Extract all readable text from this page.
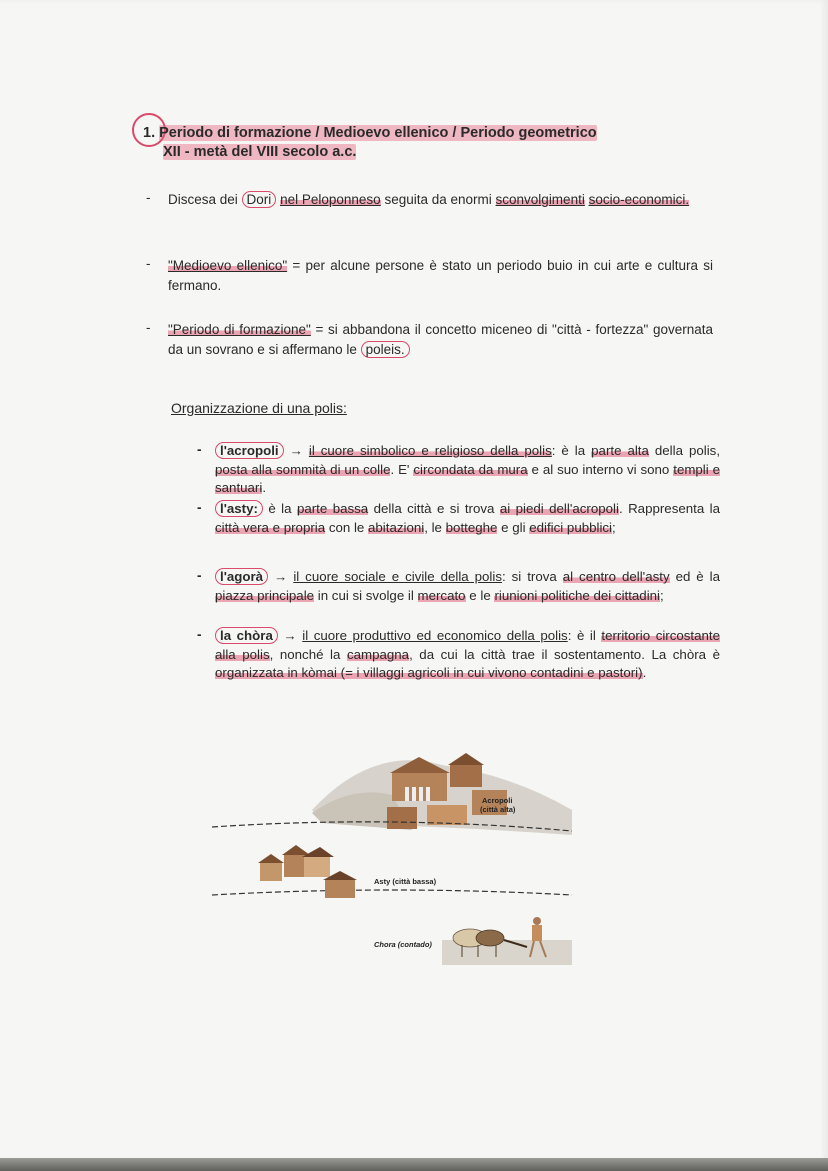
1. Periodo di formazione / Medioevo ellenico / Periodo geometrico
XII - metà del VIII secolo a.c.
- Discesa dei Dori nel Peloponneso seguita da enormi sconvolgimenti socio-economici.
- "Medioevo ellenico" = per alcune persone è stato un periodo buio in cui arte e cultura si fermano.
- "Periodo di formazione" = si abbandona il concetto miceneo di "città - fortezza" governata da un sovrano e si affermano le poleis.
Organizzazione di una polis:
-	l'acropoli → il cuore simbolico e religioso della polis: è la parte alta della polis, posta alla sommità di un colle. E' circondata da mura e al suo interno vi sono templi e santuari.
-	l'asty: è la parte bassa della città e si trova ai piedi dell'acropoli. Rappresenta la città vera e propria con le abitazioni, le botteghe e gli edifici pubblici;
-	l'agorà → il cuore sociale e civile della polis: si trova al centro dell'asty ed è la piazza principale in cui si svolge il mercato e le riunioni politiche dei cittadini;
-	la chòra → il cuore produttivo ed economico della polis: è il territorio circostante alla polis, nonché la campagna, da cui la città trae il sostentamento. La chòra è organizzata in kòmai (= i villaggi agricoli in cui vivono contadini e pastori).
Acropoli
(città alta)
Asty (città bassa)
Chora (contado)
